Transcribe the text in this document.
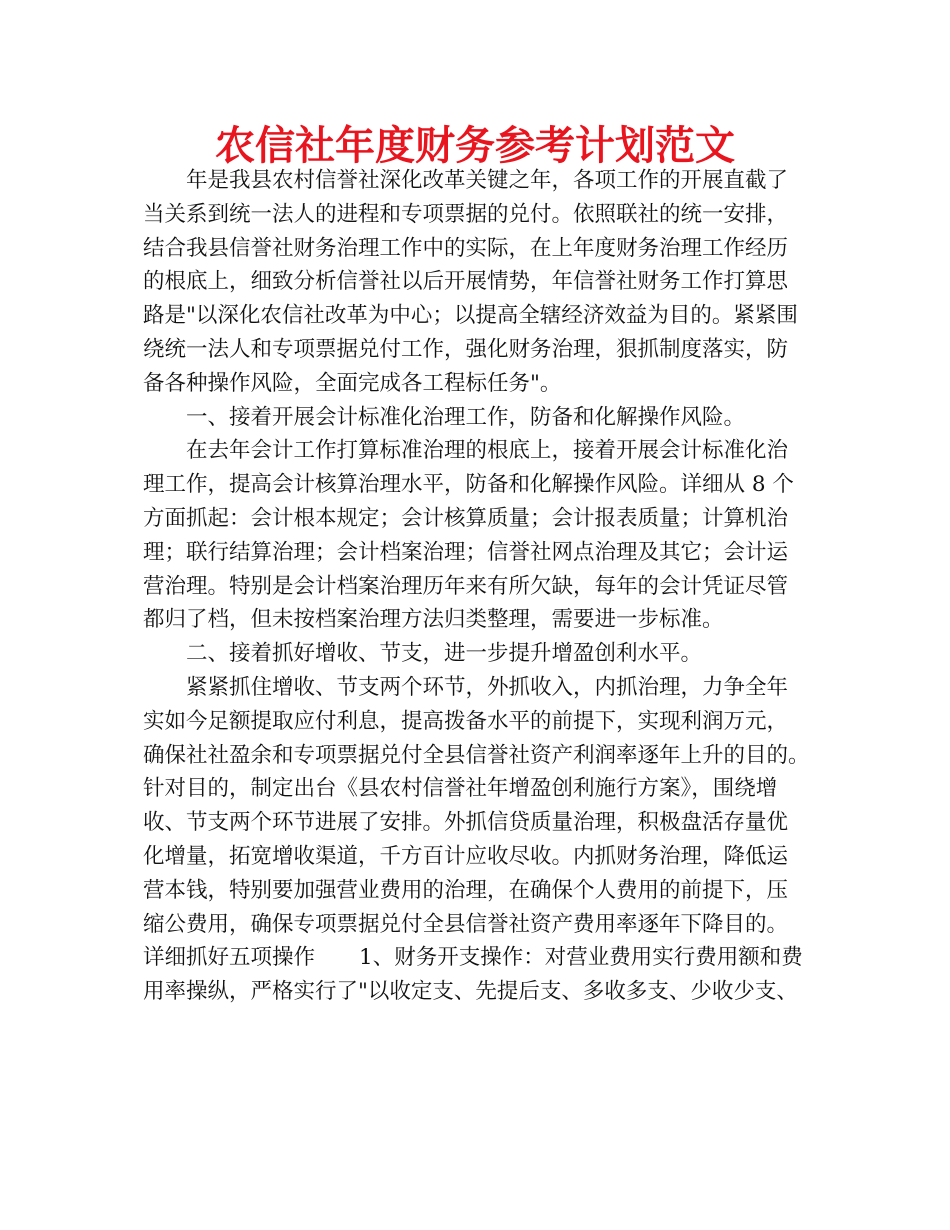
农信社年度财务参考计划范文
年是我县农村信誉社深化改革关键之年，各项工作的开展直截了
当关系到统一法人的进程和专项票据的兑付。依照联社的统一安排，
结合我县信誉社财务治理工作中的实际，在上年度财务治理工作经历
的根底上，细致分析信誉社以后开展情势，年信誉社财务工作打算思
路是"以深化农信社改革为中心；以提高全辖经济效益为目的。紧紧围
绕统一法人和专项票据兑付工作，强化财务治理，狠抓制度落实，防
备各种操作风险，全面完成各工程标任务"。
一、接着开展会计标准化治理工作，防备和化解操作风险。
在去年会计工作打算标准治理的根底上，接着开展会计标准化治
理工作，提高会计核算治理水平，防备和化解操作风险。详细从 8 个
方面抓起：会计根本规定；会计核算质量；会计报表质量；计算机治
理；联行结算治理；会计档案治理；信誉社网点治理及其它；会计运
营治理。特别是会计档案治理历年来有所欠缺，每年的会计凭证尽管
都归了档，但未按档案治理方法归类整理，需要进一步标准。
二、接着抓好增收、节支，进一步提升增盈创利水平。
紧紧抓住增收、节支两个环节，外抓收入，内抓治理，力争全年
实如今足额提取应付利息，提高拨备水平的前提下，实现利润万元，
确保社社盈余和专项票据兑付全县信誉社资产利润率逐年上升的目的。
针对目的，制定出台《县农村信誉社年增盈创利施行方案》，围绕增
收、节支两个环节进展了安排。外抓信贷质量治理，积极盘活存量优
化增量，拓宽增收渠道，千方百计应收尽收。内抓财务治理，降低运
营本钱，特别要加强营业费用的治理，在确保个人费用的前提下，压
缩公费用，确保专项票据兑付全县信誉社资产费用率逐年下降目的。
详细抓好五项操作 1、财务开支操作：对营业费用实行费用额和费
用率操纵，严格实行了"以收定支、先提后支、多收多支、少收少支、
